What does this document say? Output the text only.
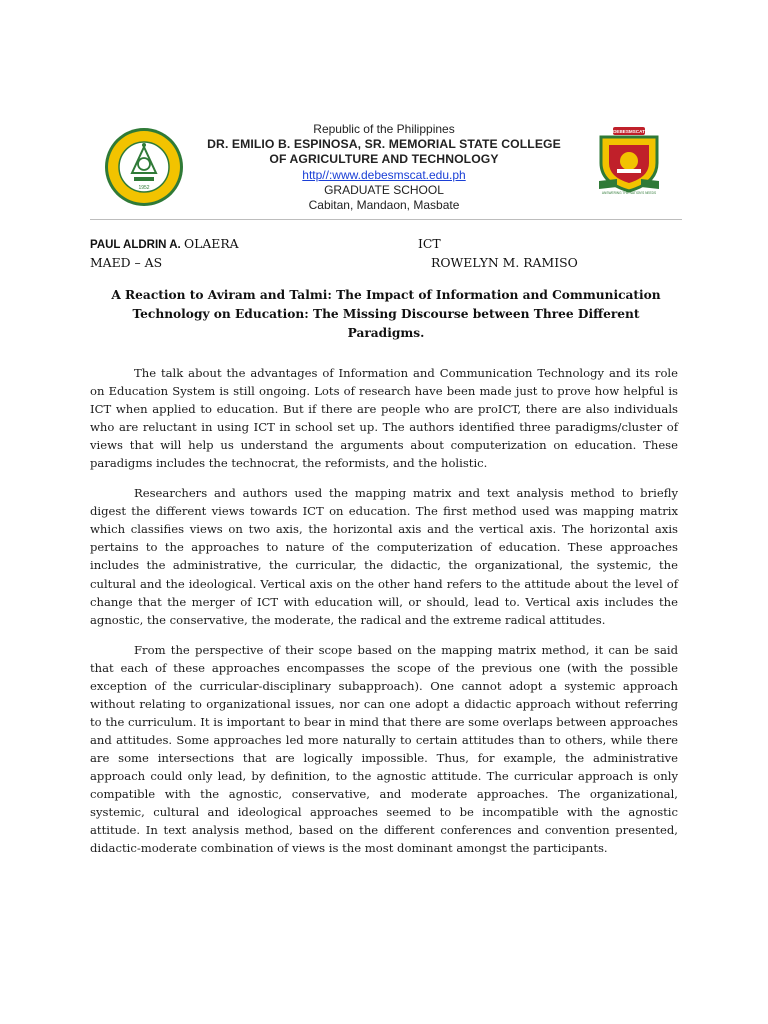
1952
DEBESMSCAT
ANSWERING THE NATION'S NEEDS
Republic of the Philippines
DR. EMILIO B. ESPINOSA, SR. MEMORIAL STATE COLLEGE
OF AGRICULTURE AND TECHNOLOGY
http//:www.debesmscat.edu.ph
GRADUATE SCHOOL
Cabitan, Mandaon, Masbate
PAUL ALDRIN A. OLAERA	ICT
MAED – AS	ROWELYN M. RAMISO
A Reaction to Aviram and Talmi: The Impact of Information and Communication
Technology on Education: The Missing Discourse between Three Different Paradigms.

The talk about the advantages of Information and Communication Technology and its role on Education System is still ongoing. Lots of research have been made just to prove how helpful is ICT when applied to education. But if there are people who are proICT, there are also individuals who are reluctant in using ICT in school set up. The authors identified three paradigms/cluster of views that will help us understand the arguments about computerization on education. These paradigms includes the technocrat, the reformists, and the holistic.

Researchers and authors used the mapping matrix and text analysis method to briefly digest the different views towards ICT on education. The first method used was mapping matrix which classifies views on two axis, the horizontal axis and the vertical axis. The horizontal axis pertains to the approaches to nature of the computerization of education. These approaches includes the administrative, the curricular, the didactic, the organizational, the systemic, the cultural and the ideological. Vertical axis on the other hand refers to the attitude about the level of change that the merger of ICT with education will, or should, lead to. Vertical axis includes the agnostic, the conservative, the moderate, the radical and the extreme radical attitudes.

From the perspective of their scope based on the mapping matrix method, it can be said that each of these approaches encompasses the scope of the previous one (with the possible exception of the curricular-disciplinary subapproach). One cannot adopt a systemic approach without relating to organizational issues, nor can one adopt a didactic approach without referring to the curriculum. It is important to bear in mind that there are some overlaps between approaches and attitudes. Some approaches led more naturally to certain attitudes than to others, while there are some intersections that are logically impossible. Thus, for example, the administrative approach could only lead, by definition, to the agnostic attitude. The curricular approach is only compatible with the agnostic, conservative, and moderate approaches. The organizational, systemic, cultural and ideological approaches seemed to be incompatible with the agnostic attitude. In text analysis method, based on the different conferences and convention presented, didactic-moderate combination of views is the most dominant amongst the participants.
